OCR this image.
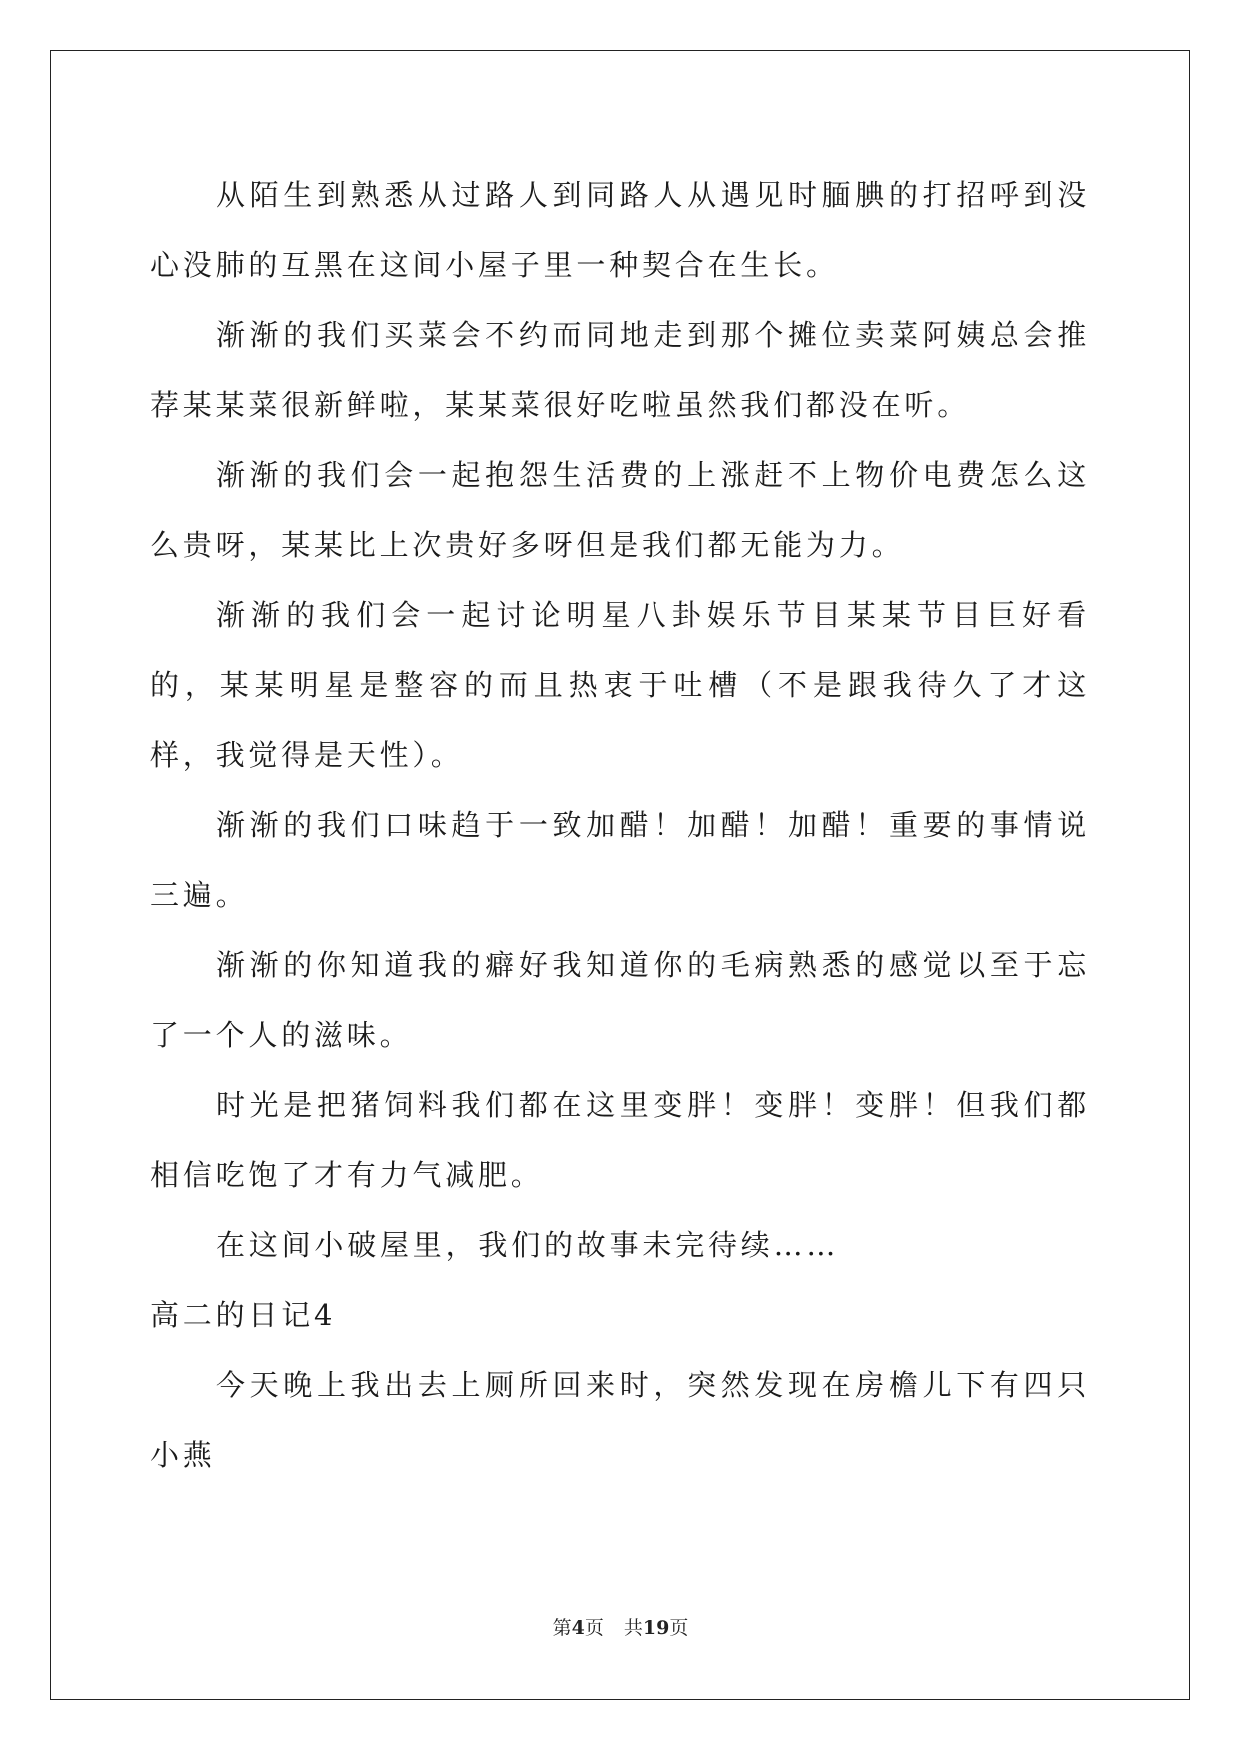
从陌生到熟悉从过路人到同路人从遇见时腼腆的打招呼到没心没肺的互黑在这间小屋子里一种契合在生长。

渐渐的我们买菜会不约而同地走到那个摊位卖菜阿姨总会推荐某某菜很新鲜啦，某某菜很好吃啦虽然我们都没在听。

渐渐的我们会一起抱怨生活费的上涨赶不上物价电费怎么这么贵呀，某某比上次贵好多呀但是我们都无能为力。

渐渐的我们会一起讨论明星八卦娱乐节目某某节目巨好看的，某某明星是整容的而且热衷于吐槽（不是跟我待久了才这样，我觉得是天性）。

渐渐的我们口味趋于一致加醋！加醋！加醋！重要的事情说三遍。

渐渐的你知道我的癖好我知道你的毛病熟悉的感觉以至于忘了一个人的滋味。

时光是把猪饲料我们都在这里变胖！变胖！变胖！但我们都相信吃饱了才有力气减肥。

在这间小破屋里，我们的故事未完待续……

高二的日记4

今天晚上我出去上厕所回来时，突然发现在房檐儿下有四只小燕

第4页 共19页
